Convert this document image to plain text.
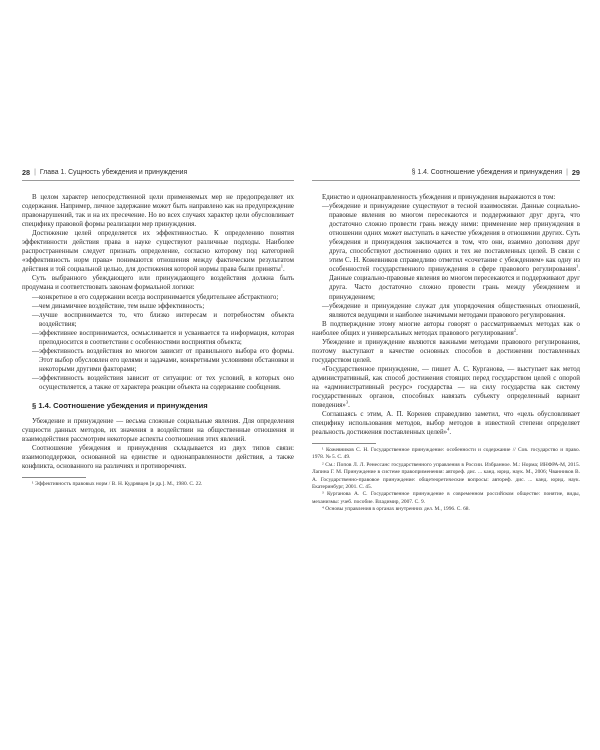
28 | Глава 1. Сущность убеждения и принуждения

В целом характер непосредственной цели применяемых мер не предопределяет их содержания. Например, личное задержание может быть направлено как на предупреждение правонарушений, так и на их пресечение. Но во всех случаях характер цели обусловливает специфику правовой формы реализации мер принуждения.

Достижение целей определяется их эффективностью. К определению понятия эффективности действия права в науке существуют различные подходы. Наиболее распространенным следует признать определение, согласно которому под категорией «эффективность норм права» понимаются отношения между фактическим результатом действия и той социальной целью, для достижения которой нормы права были приняты$^1$.

Суть выбранного убеждающего или принуждающего воздействия должна быть продумана и соответствовать законам формальной логики:

—конкретное в его содержании всегда воспринимается убедительнее абстрактного;
—чем динамичнее воздействие, тем выше эффективность;
—лучше воспринимается то, что близко интересам и потребностям объекта воздействия;
—эффективнее воспринимается, осмысливается и усваивается та информация, которая преподносится в соответствии с особенностями восприятия объекта;
—эффективность воздействия во многом зависит от правильного выбора его формы. Этот выбор обусловлен его целями и задачами, конкретными условиями обстановки и некоторыми другими факторами;
—эффективность воздействия зависит от ситуации: от тех условий, в которых оно осуществляется, а также от характера реакции объекта на содержание сообщения.
§ 1.4. Соотношение убеждения и принуждения

Убеждение и принуждение — весьма сложные социальные явления. Для определения сущности данных методов, их значения в воздействии на общественные отношения и взаимодействия рассмотрим некоторые аспекты соотношения этих явлений.

Соотношение убеждения и принуждения складывается из двух типов связи: взаимоподдержки, основанной на единстве и однонаправленности действия, а также конфликта, основанного на различиях и противоречиях.

¹ Эффективность правовых норм / В. Н. Кудрявцев [и др.]. М., 1980. С. 22.

§ 1.4. Соотношение убеждения и принуждения | 29

Единство и однонаправленность убеждения и принуждения выражаются в том:

—убеждение и принуждение существуют в тесной взаимосвязи. Данные социально-правовые явления во многом пересекаются и поддерживают друг друга, что достаточно сложно провести грань между ними: применение мер принуждения в отношении одних может выступать в качестве убеждения в отношении других. Суть убеждения и принуждения заключается в том, что они, взаимно дополняя друг друга, способствуют достижению одних и тех же поставленных целей. В связи с этим С. Н. Кожевников справедливо отметил «сочетание с убеждением» как одну из особенностей государственного принуждения в сфере правового регулирования$^1$. Данные социально-правовые явления во многом пересекаются и поддерживают друг друга. Часто достаточно сложно провести грань между убеждением и принуждением;
—убеждение и принуждение служат для упорядочения общественных отношений, являются ведущими и наиболее значимыми методами правового регулирования.

В подтверждение этому многие авторы говорят о рассматриваемых методах как о наиболее общих и универсальных методах правового регулирования$^2$.

Убеждение и принуждение являются важными методами правового регулирования, поэтому выступают в качестве основных способов в достижении поставленных государством целей.

«Государственное принуждение, — пишет А. С. Курганова, — выступает как метод административный, как способ достижения стоящих перед государством целей с опорой на «административный ресурс» государства — на силу государства как систему государственных органов, способных навязать субъекту определенный вариант поведения»$^3$.

Соглашаясь с этим, А. П. Коренев справедливо заметил, что «цель обусловливает специфику использования методов, выбор методов в известной степени определяет реальность достижения поставленных целей»$^4$.

¹ Кожевников С. Н. Государственное принуждение: особенности и содержание // Сов. государство и право. 1978. № 5. С. 49.

² См.: Попов Л. Л. Ренессанс государственного управления в России. Избранное. М.: Норма; ИНФРА-М, 2015. Лапина Г. М. Принуждение в системе правоприменения: автореф. дис. ... канд. юрид. наук. М., 2006; Чванников В. А. Государственно-правовое принуждение: общетеоретические вопросы: автореф. дис. ... канд. юрид. наук. Екатеринбург, 2001. С. 45.

³ Курганова А. С. Государственное принуждение в современном российском обществе: понятие, виды, механизмы: учеб. пособие. Владимир, 2007. С. 9.

⁴ Основы управления в органах внутренних дел. М., 1996. С. 68.
